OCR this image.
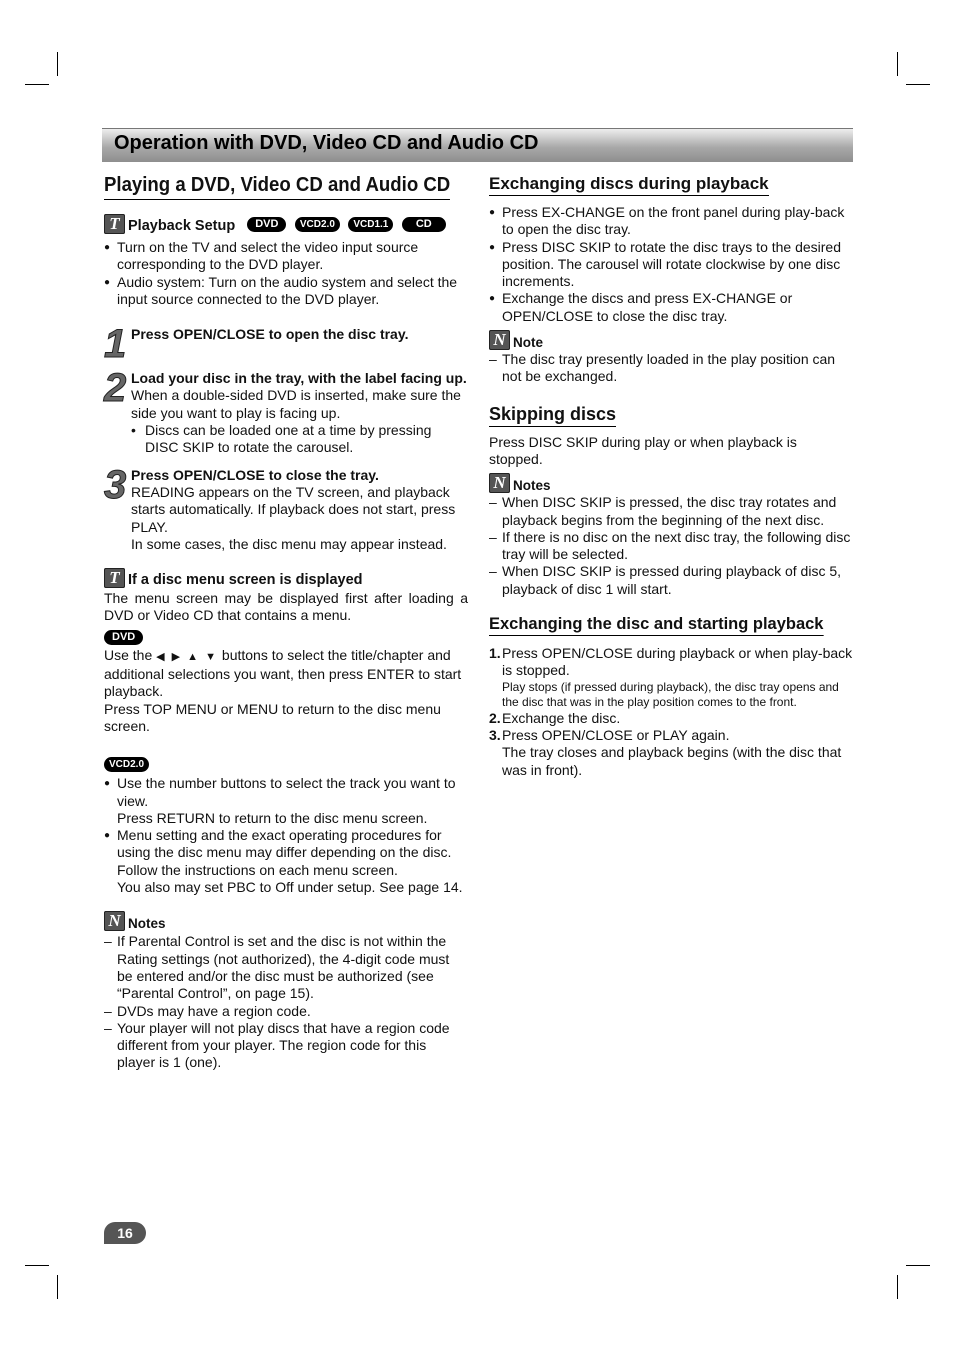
Operation with DVD, Video CD and Audio CD
Playing a DVD, Video CD and Audio CD
T Playback Setup	DVD VCD2.0 VCD1.1 CD
● Turn on the TV and select the video input source corresponding to the DVD player.
● Audio system: Turn on the audio system and select the input source connected to the DVD player.
1 Press OPEN/CLOSE to open the disc tray.

2 Load your disc in the tray, with the label facing up.

When a double-sided DVD is inserted, make sure the side you want to play is facing up.

• Discs can be loaded one at a time by pressing DISC SKIP to rotate the carousel.

3 Press OPEN/CLOSE to close the tray.

READING appears on the TV screen, and playback starts automatically. If playback does not start, press PLAY.

In some cases, the disc menu may appear instead.

T If a disc menu screen is displayed

The menu screen may be displayed first after loading a DVD or Video CD that contains a menu.

DVD

Use the ◀ ▶ ▲ ▼ buttons to select the title/chapter and additional selections you want, then press ENTER to start playback.

Press TOP MENU or MENU to return to the disc menu screen.

VCD2.0
● Use the number buttons to select the track you want to view.
Press RETURN to return to the disc menu screen.
● Menu setting and the exact operating procedures for using the disc menu may differ depending on the disc. Follow the instructions on each menu screen.
You also may set PBC to Off under setup. See page 14.
N Notes
– If Parental Control is set and the disc is not within the Rating settings (not authorized), the 4-digit code must be entered and/or the disc must be authorized (see “Parental Control”, on page 15).
– DVDs may have a region code.
– Your player will not play discs that have a region code different from your player. The region code for this player is 1 (one).
Exchanging discs during playback
● Press EX-CHANGE on the front panel during play-back to open the disc tray.
● Press DISC SKIP to rotate the disc trays to the desired position. The carousel will rotate clockwise by one disc increments.
● Exchange the discs and press EX-CHANGE or OPEN/CLOSE to close the disc tray.
N Note
– The disc tray presently loaded in the play position can not be exchanged.
Skipping discs

Press DISC SKIP during play or when playback is stopped.

N Notes
– When DISC SKIP is pressed, the disc tray rotates and playback begins from the beginning of the next disc.
– If there is no disc on the next disc tray, the following disc tray will be selected.
– When DISC SKIP is pressed during playback of disc 5, playback of disc 1 will start.
Exchanging the disc and starting playback
1. Press OPEN/CLOSE during playback or when play-back is stopped.
Play stops (if pressed during playback), the disc tray opens and the disc that was in the play position comes to the front.
2. Exchange the disc.
3. Press OPEN/CLOSE or PLAY again.
The tray closes and playback begins (with the disc that was in front).
16
